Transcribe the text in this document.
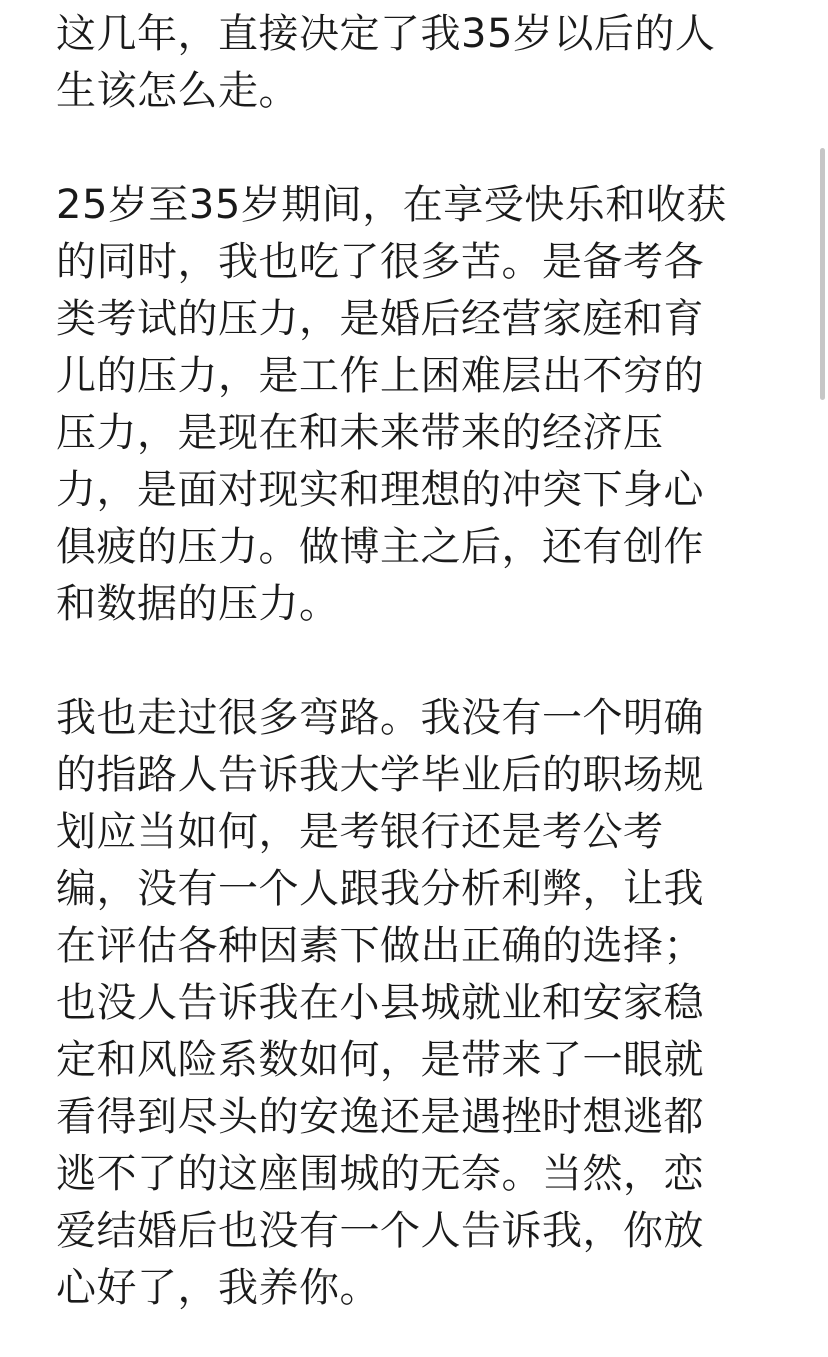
这几年，直接决定了我35岁以后的人
生该怎么走。
25岁至35岁期间，在享受快乐和收获
的同时，我也吃了很多苦。是备考各
类考试的压力，是婚后经营家庭和育
儿的压力，是工作上困难层出不穷的
压力，是现在和未来带来的经济压
力，是面对现实和理想的冲突下身心
俱疲的压力。做博主之后，还有创作
和数据的压力。
我也走过很多弯路。我没有一个明确
的指路人告诉我大学毕业后的职场规
划应当如何，是考银行还是考公考
编，没有一个人跟我分析利弊，让我
在评估各种因素下做出正确的选择；
也没人告诉我在小县城就业和安家稳
定和风险系数如何，是带来了一眼就
看得到尽头的安逸还是遇挫时想逃都
逃不了的这座围城的无奈。当然，恋
爱结婚后也没有一个人告诉我，你放
心好了，我养你。
